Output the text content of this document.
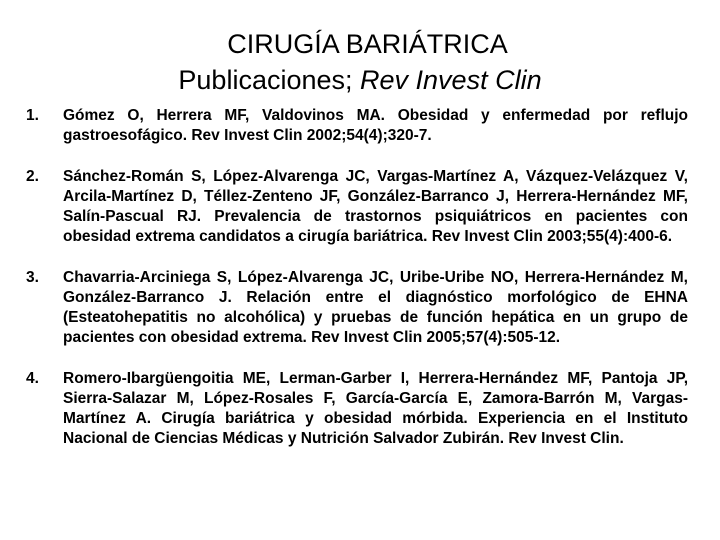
CIRUGÍA BARIÁTRICA
Publicaciones; Rev Invest Clin
1. Gómez O, Herrera MF, Valdovinos MA. Obesidad y enfermedad por reflujo gastroesofágico. Rev Invest Clin 2002;54(4);320-7.
2. Sánchez-Román S, López-Alvarenga JC, Vargas-Martínez A, Vázquez-Velázquez V, Arcila-Martínez D, Téllez-Zenteno JF, González-Barranco J, Herrera-Hernández MF, Salín-Pascual RJ. Prevalencia de trastornos psiquiátricos en pacientes con obesidad extrema candidatos a cirugía bariátrica. Rev Invest Clin 2003;55(4):400-6.
3. Chavarria-Arciniega S, López-Alvarenga JC, Uribe-Uribe NO, Herrera-Hernández M, González-Barranco J. Relación entre el diagnóstico morfológico de EHNA (Esteatohepatitis no alcohólica) y pruebas de función hepática en un grupo de pacientes con obesidad extrema. Rev Invest Clin 2005;57(4):505-12.
4. Romero-Ibargüengoitia ME, Lerman-Garber I, Herrera-Hernández MF, Pantoja JP, Sierra-Salazar M, López-Rosales F, García-García E, Zamora-Barrón M, Vargas-Martínez A. Cirugía bariátrica y obesidad mórbida. Experiencia en el Instituto Nacional de Ciencias Médicas y Nutrición Salvador Zubirán. Rev Invest Clin.
